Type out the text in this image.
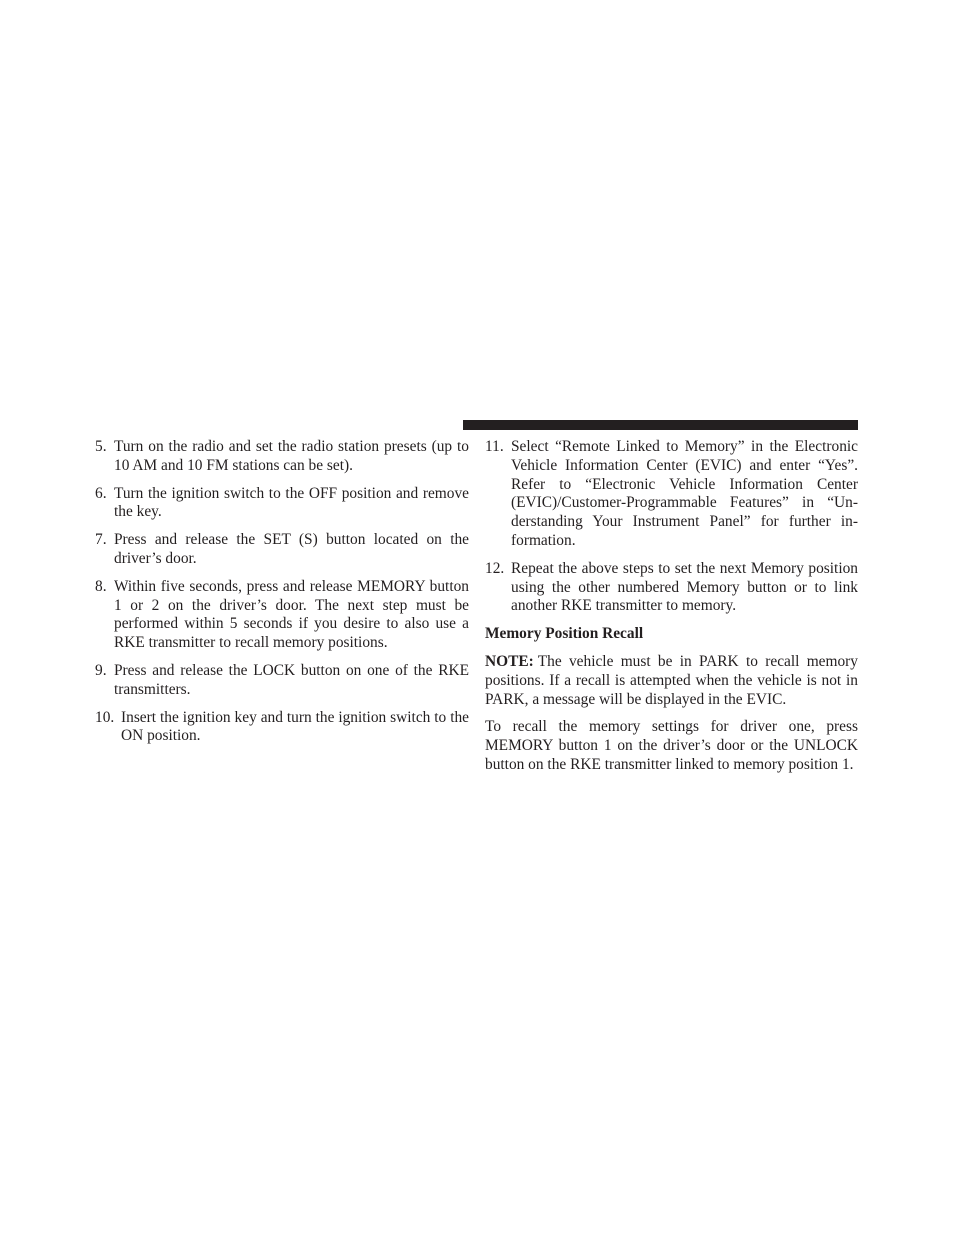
5. Turn on the radio and set the radio station presets (up to 10 AM and 10 FM stations can be set).
6. Turn the ignition switch to the OFF position and remove the key.
7. Press and release the SET (S) button located on the driver’s door.
8. Within five seconds, press and release MEMORY button 1 or 2 on the driver’s door. The next step must be performed within 5 seconds if you desire to also use a RKE transmitter to recall memory positions.
9. Press and release the LOCK button on one of the RKE transmitters.
10. Insert the ignition key and turn the ignition switch to the ON position.
11. Select “Remote Linked to Memory” in the Electronic Vehicle Information Center (EVIC) and enter “Yes”. Refer to “Electronic Vehicle Information Center (EVIC)/Customer-Programmable Features” in “Understanding Your Instrument Panel” for further information.
12. Repeat the above steps to set the next Memory position using the other numbered Memory button or to link another RKE transmitter to memory.
Memory Position Recall

NOTE: The vehicle must be in PARK to recall memory positions. If a recall is attempted when the vehicle is not in PARK, a message will be displayed in the EVIC.

To recall the memory settings for driver one, press MEMORY button 1 on the driver’s door or the UNLOCK button on the RKE transmitter linked to memory position 1.
